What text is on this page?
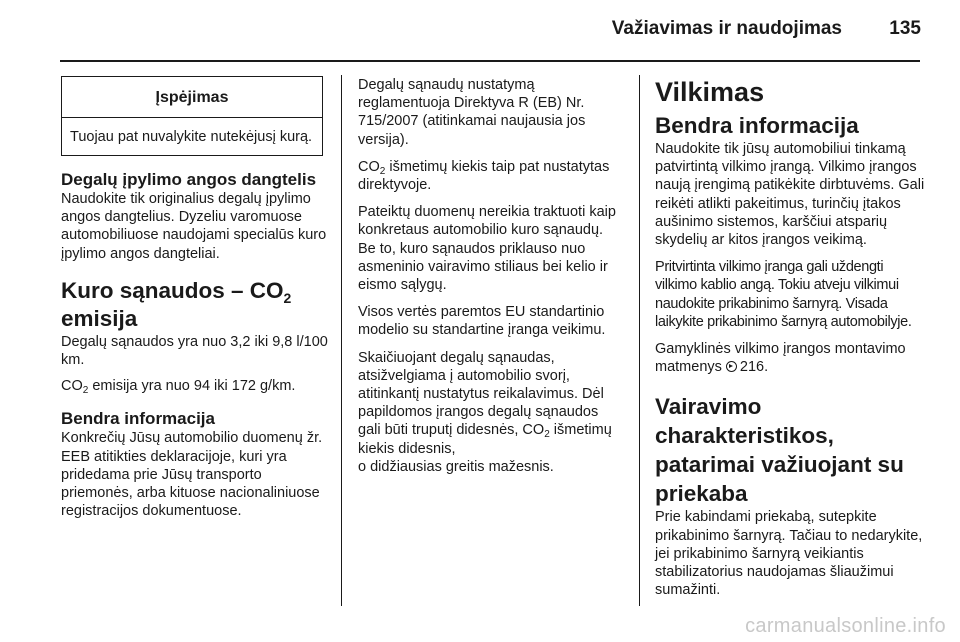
Važiavimas ir naudojimas 135
Įspėjimas
Tuojau pat nuvalykite nutekėjusį kurą.
Degalų įpylimo angos dangtelis

Naudokite tik originalius degalų įpylimo angos dangtelius. Dyzeliu varomuose automobiliuose naudojami specialūs kuro įpylimo angos dangteliai.

Kuro sąnaudos – $CO_2$
emisija

Degalų sąnaudos yra nuo 3,2 iki 9,8 l/100 km.

$CO_2$ emisija yra nuo 94 iki 172 g/km.

Bendra informacija

Konkrečių Jūsų automobilio duomenų žr. EEB atitikties deklaracijoje, kuri yra pridedama prie Jūsų transporto priemonės, arba kituose nacionaliniuose registracijos dokumentuose.

Degalų sąnaudų nustatymą reglamentuoja Direktyva R (EB) Nr. 715/2007 (atitinkamai naujausia jos versija).

$CO_2$ išmetimų kiekis taip pat nustatytas direktyvoje.

Pateiktų duomenų nereikia traktuoti kaip konkretaus automobilio kuro sąnaudų. Be to, kuro sąnaudos priklauso nuo asmeninio vairavimo stiliaus bei kelio ir eismo sąlygų.

Visos vertės paremtos EU standartinio modelio su standartine įranga veikimu.

Skaičiuojant degalų sąnaudas, atsižvelgiama į automobilio svorį, atitinkantį nustatytus reikalavimus. Dėl papildomos įrangos degalų sąnaudos gali būti truputį didesnės, $CO_2$ išmetimų kiekis didesnis,

o didžiausias greitis mažesnis.

Vilkimas
Bendra informacija

Naudokite tik jūsų automobiliui tinkamą patvirtintą vilkimo įrangą. Vilkimo įrangos naują įrengimą patikėkite dirbtuvėms. Gali reikėti atlikti pakeitimus, turinčių įtakos aušinimo sistemos, karščiui atsparių skydelių ar kitos įrangos veikimą.

Pritvirtinta vilkimo įranga gali uždengti vilkimo kablio angą. Tokiu atveju vilkimui naudokite prikabinimo šarnyrą. Visada laikykite prikabinimo šarnyrą automobilyje.

Gamyklinės vilkimo įrangos montavimo matmenys 216.

Vairavimo charakteristikos, patarimai važiuojant su priekaba

Prie kabindami priekabą, sutepkite prikabinimo šarnyrą. Tačiau to nedarykite, jei prikabinimo šarnyrą veikiantis stabilizatorius naudojamas šliaužimui sumažinti.

carmanualsonline.info
